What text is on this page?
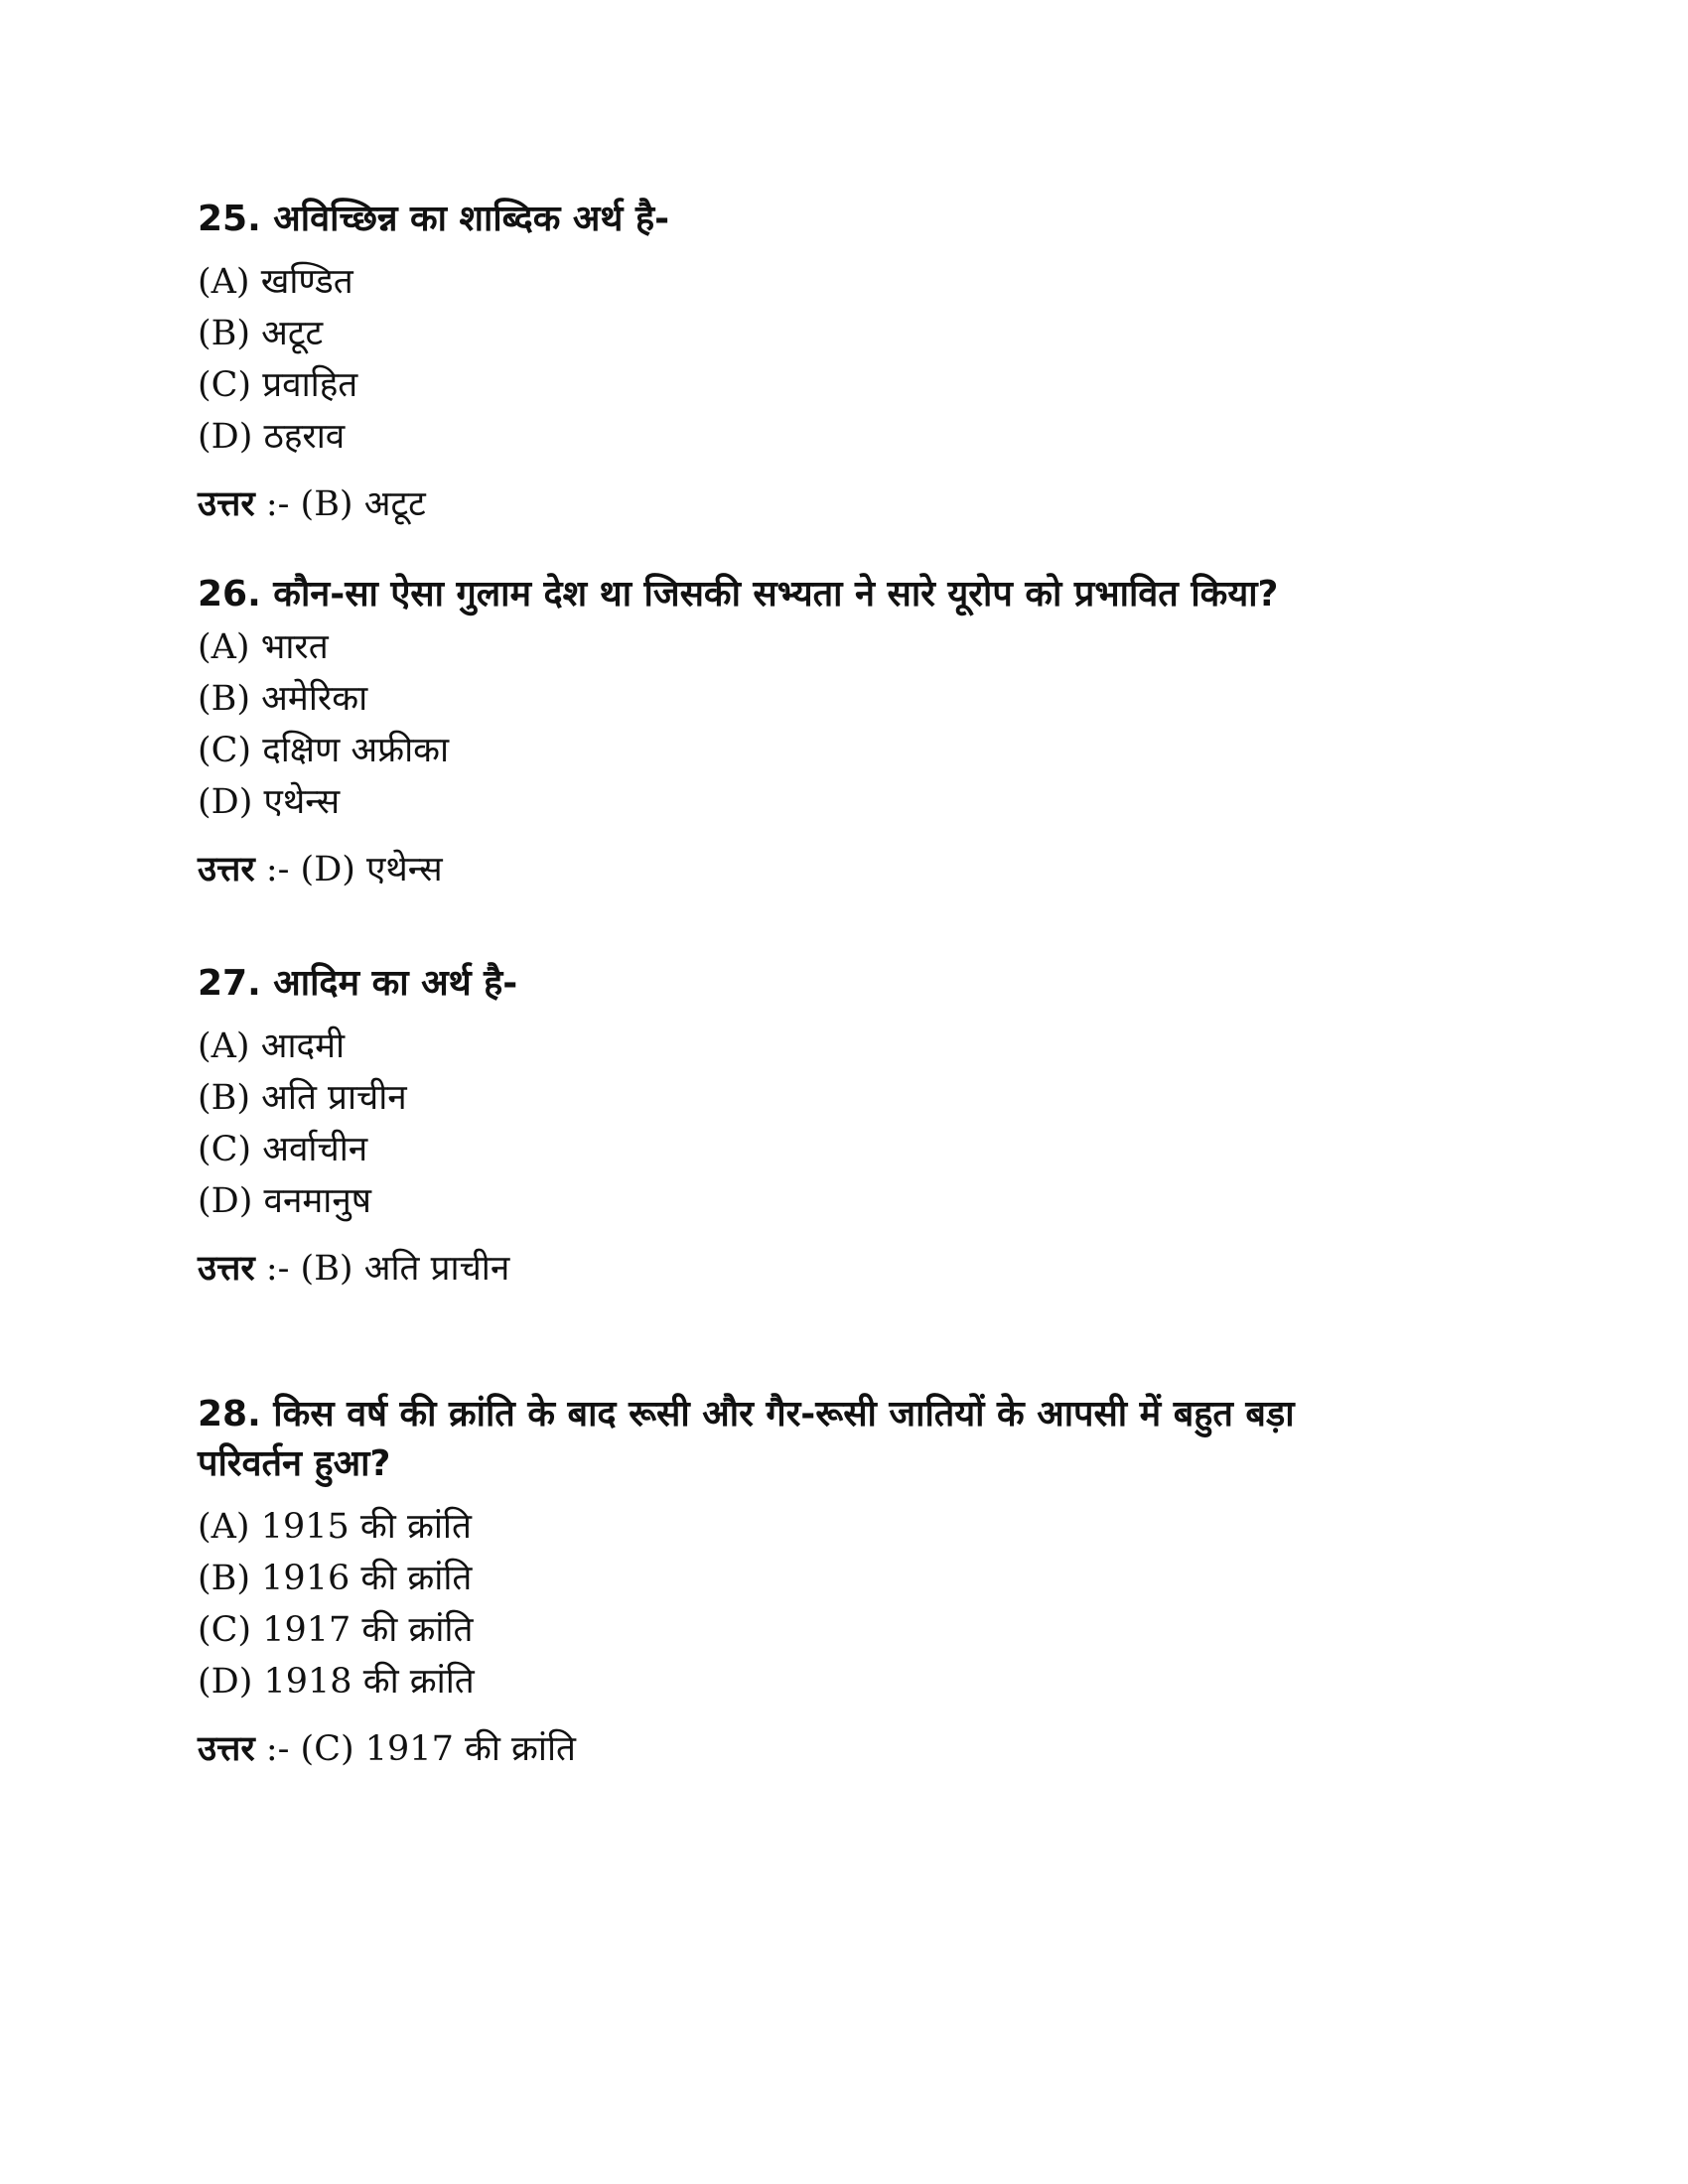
25. अविच्छिन्न का शाब्दिक अर्थ है-

(A) खण्डित

(B) अटूट

(C) प्रवाहित

(D) ठहराव

उत्तर :- (B) अटूट

26. कौन-सा ऐसा गुलाम देश था जिसकी सभ्यता ने सारे यूरोप को प्रभावित किया?

(A) भारत

(B) अमेरिका

(C) दक्षिण अफ्रीका

(D) एथेन्स

उत्तर :- (D) एथेन्स

27. आदिम का अर्थ है-

(A) आदमी

(B) अति प्राचीन

(C) अर्वाचीन

(D) वनमानुष

उत्तर :- (B) अति प्राचीन

28. किस वर्ष की क्रांति के बाद रूसी और गैर-रूसी जातियों के आपसी में बहुत बड़ा

परिवर्तन हुआ?

(A) 1915 की क्रांति

(B) 1916 की क्रांति

(C) 1917 की क्रांति

(D) 1918 की क्रांति

उत्तर :- (C) 1917 की क्रांति
